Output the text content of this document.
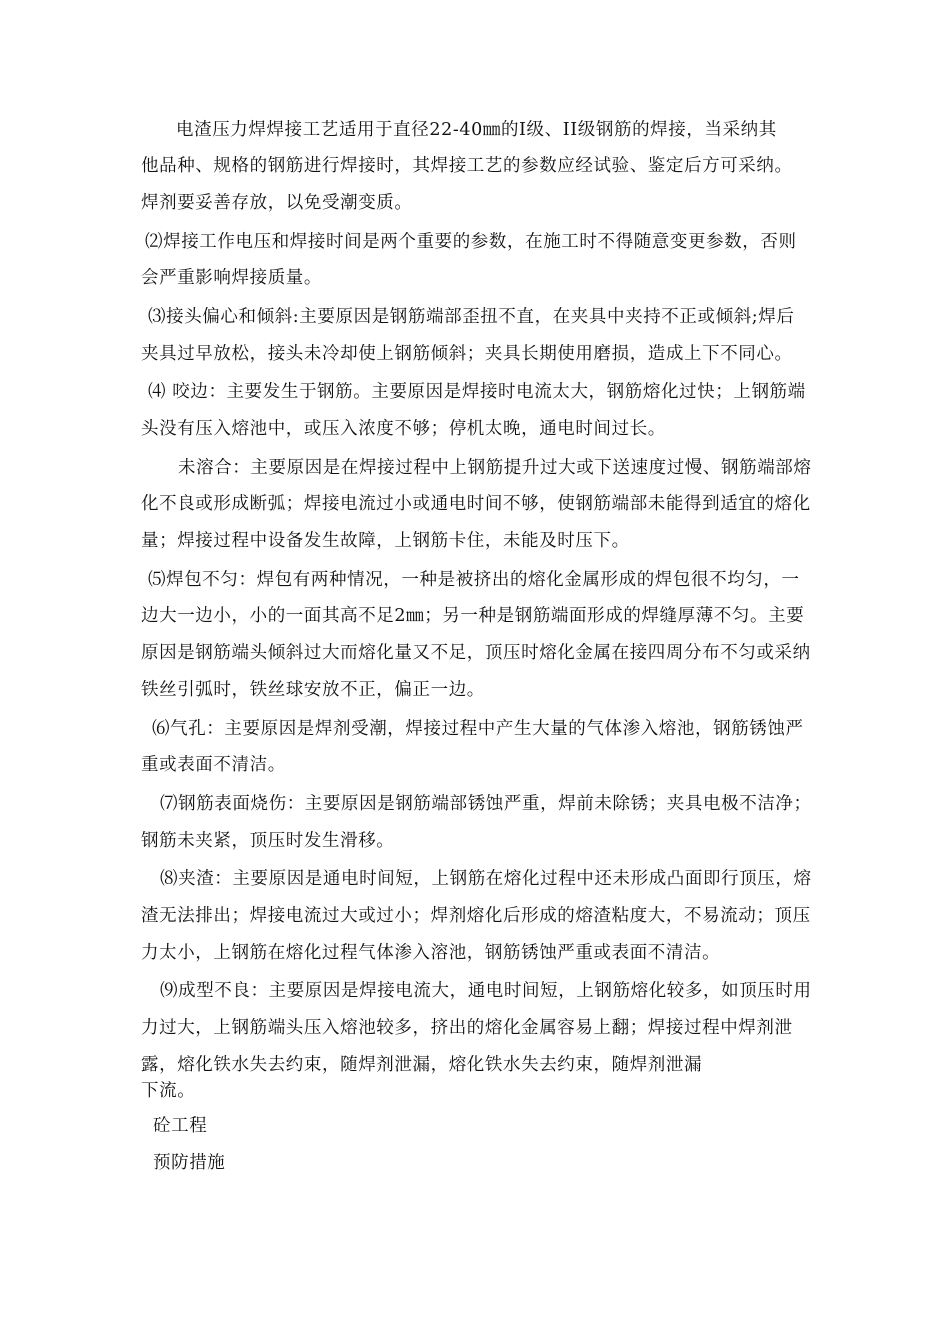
电渣压力焊焊接工艺适用于直径22-40㎜的Ⅰ级、II级钢筋的焊接，当采纳其
他品种、规格的钢筋进行焊接时，其焊接工艺的参数应经试验、鉴定后方可采纳。
焊剂要妥善存放，以免受潮变质。
⑵焊接工作电压和焊接时间是两个重要的参数，在施工时不得随意变更参数，否则
会严重影响焊接质量。
⑶接头偏心和倾斜:主要原因是钢筋端部歪扭不直，在夹具中夹持不正或倾斜;焊后
夹具过早放松，接头未冷却使上钢筋倾斜；夹具长期使用磨损，造成上下不同心。
⑷ 咬边：主要发生于钢筋。主要原因是焊接时电流太大，钢筋熔化过快；上钢筋端
头没有压入熔池中，或压入浓度不够；停机太晚，通电时间过长。
未溶合：主要原因是在焊接过程中上钢筋提升过大或下送速度过慢、钢筋端部熔
化不良或形成断弧；焊接电流过小或通电时间不够，使钢筋端部未能得到适宜的熔化
量；焊接过程中设备发生故障，上钢筋卡住，未能及时压下。
⑸焊包不匀：焊包有两种情况，一种是被挤出的熔化金属形成的焊包很不均匀，一
边大一边小，小的一面其高不足2㎜；另一种是钢筋端面形成的焊缝厚薄不匀。主要
原因是钢筋端头倾斜过大而熔化量又不足，顶压时熔化金属在接四周分布不匀或采纳
铁丝引弧时，铁丝球安放不正，偏正一边。
⑹气孔：主要原因是焊剂受潮，焊接过程中产生大量的气体渗入熔池，钢筋锈蚀严
重或表面不清洁。
⑺钢筋表面烧伤：主要原因是钢筋端部锈蚀严重，焊前未除锈；夹具电极不洁净；
钢筋未夹紧，顶压时发生滑移。
⑻夹渣：主要原因是通电时间短，上钢筋在熔化过程中还未形成凸面即行顶压，熔
渣无法排出；焊接电流过大或过小；焊剂熔化后形成的熔渣粘度大，不易流动；顶压
力太小，上钢筋在熔化过程气体渗入溶池，钢筋锈蚀严重或表面不清洁。
⑼成型不良：主要原因是焊接电流大，通电时间短，上钢筋熔化较多，如顶压时用
力过大，上钢筋端头压入熔池较多，挤出的熔化金属容易上翻；焊接过程中焊剂泄
露，熔化铁水失去约束，随焊剂泄漏，熔化铁水失去约束，随焊剂泄漏
下流。
砼工程
预防措施
